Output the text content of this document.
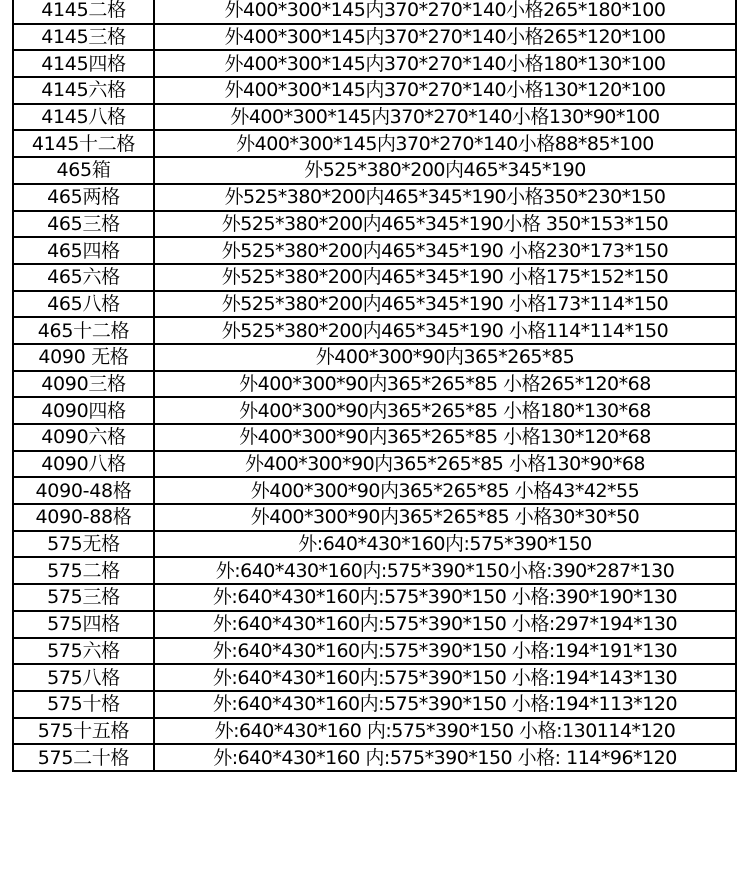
4145二格	外400*300*145内370*270*140小格265*180*100
4145三格	外400*300*145内370*270*140小格265*120*100
4145四格	外400*300*145内370*270*140小格180*130*100
4145六格	外400*300*145内370*270*140小格130*120*100
4145八格	外400*300*145内370*270*140小格130*90*100
4145十二格	外400*300*145内370*270*140小格88*85*100
465箱	外525*380*200内465*345*190
465两格	外525*380*200内465*345*190小格350*230*150
465三格	外525*380*200内465*345*190小格 350*153*150
465四格	外525*380*200内465*345*190 小格230*173*150
465六格	外525*380*200内465*345*190 小格175*152*150
465八格	外525*380*200内465*345*190 小格173*114*150
465十二格	外525*380*200内465*345*190 小格114*114*150
4090 无格	外400*300*90内365*265*85
4090三格	外400*300*90内365*265*85 小格265*120*68
4090四格	外400*300*90内365*265*85 小格180*130*68
4090六格	外400*300*90内365*265*85 小格130*120*68
4090八格	外400*300*90内365*265*85 小格130*90*68
4090-48格	外400*300*90内365*265*85 小格43*42*55
4090-88格	外400*300*90内365*265*85 小格30*30*50
575无格	外:640*430*160内:575*390*150
575二格	外:640*430*160内:575*390*150小格:390*287*130
575三格	外:640*430*160内:575*390*150 小格:390*190*130
575四格	外:640*430*160内:575*390*150 小格:297*194*130
575六格	外:640*430*160内:575*390*150 小格:194*191*130
575八格	外:640*430*160内:575*390*150 小格:194*143*130
575十格	外:640*430*160内:575*390*150 小格:194*113*120
575十五格	外:640*430*160 内:575*390*150 小格:130114*120
575二十格	外:640*430*160 内:575*390*150 小格: 114*96*120
